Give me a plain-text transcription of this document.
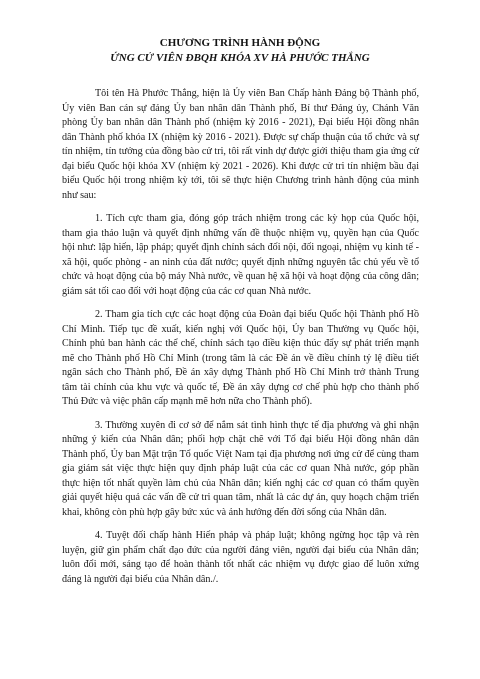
CHƯƠNG TRÌNH HÀNH ĐỘNG
ỨNG CỬ VIÊN ĐBQH KHÓA XV HÀ PHƯỚC THẮNG

Tôi tên Hà Phước Thắng, hiện là Ủy viên Ban Chấp hành Đảng bộ Thành phố, Ủy viên Ban cán sự đảng Ủy ban nhân dân Thành phố, Bí thư Đảng ủy, Chánh Văn phòng Ủy ban nhân dân Thành phố (nhiệm kỳ 2016 - 2021), Đại biểu Hội đồng nhân dân Thành phố khóa IX (nhiệm kỳ 2016 - 2021). Được sự chấp thuận của tổ chức và sự tín nhiệm, tín tưởng của đồng bào cử tri, tôi rất vinh dự được giới thiệu tham gia ứng cử đại biểu Quốc hội khóa XV (nhiệm kỳ 2021 - 2026). Khi được cử tri tín nhiệm bầu đại biểu Quốc hội trong nhiệm kỳ tới, tôi sẽ thực hiện Chương trình hành động của mình như sau:

1. Tích cực tham gia, đóng góp trách nhiệm trong các kỳ họp của Quốc hội, tham gia thảo luận và quyết định những vấn đề thuộc nhiệm vụ, quyền hạn của Quốc hội như: lập hiến, lập pháp; quyết định chính sách đối nội, đối ngoại, nhiệm vụ kinh tế - xã hội, quốc phòng - an ninh của đất nước; quyết định những nguyên tắc chủ yếu về tổ chức và hoạt động của bộ máy Nhà nước, về quan hệ xã hội và hoạt động của công dân; giám sát tối cao đối với hoạt động của các cơ quan Nhà nước.

2. Tham gia tích cực các hoạt động của Đoàn đại biểu Quốc hội Thành phố Hồ Chí Minh. Tiếp tục đề xuất, kiến nghị với Quốc hội, Ủy ban Thường vụ Quốc hội, Chính phủ ban hành các thể chế, chính sách tạo điều kiện thúc đẩy sự phát triển mạnh mẽ cho Thành phố Hồ Chí Minh (trong tâm là các Đề án về điều chỉnh tỷ lệ điều tiết ngân sách cho Thành phố, Đề án xây dựng Thành phố Hồ Chí Minh trở thành Trung tâm tài chính của khu vực và quốc tế, Đề án xây dựng cơ chế phù hợp cho thành phố Thủ Đức và việc phân cấp mạnh mẽ hơn nữa cho Thành phố).

3. Thường xuyên đi cơ sở để nắm sát tình hình thực tế địa phương và ghi nhận những ý kiến của Nhân dân; phối hợp chặt chẽ với Tổ đại biểu Hội đồng nhân dân Thành phố, Ủy ban Mặt trận Tổ quốc Việt Nam tại địa phương nơi ứng cử để cùng tham gia giám sát việc thực hiện quy định pháp luật của các cơ quan Nhà nước, góp phần thực hiện tốt nhất quyền làm chủ của Nhân dân; kiến nghị các cơ quan có thẩm quyền giải quyết hiệu quả các vấn đề cử tri quan tâm, nhất là các dự án, quy hoạch chậm triển khai, không còn phù hợp gây bức xúc và ảnh hưởng đến đời sống của Nhân dân.

4. Tuyệt đối chấp hành Hiến pháp và pháp luật; không ngừng học tập và rèn luyện, giữ gìn phẩm chất đạo đức của người đảng viên, người đại biểu của Nhân dân; luôn đổi mới, sáng tạo để hoàn thành tốt nhất các nhiệm vụ được giao để luôn xứng đáng là người đại biểu của Nhân dân./.
